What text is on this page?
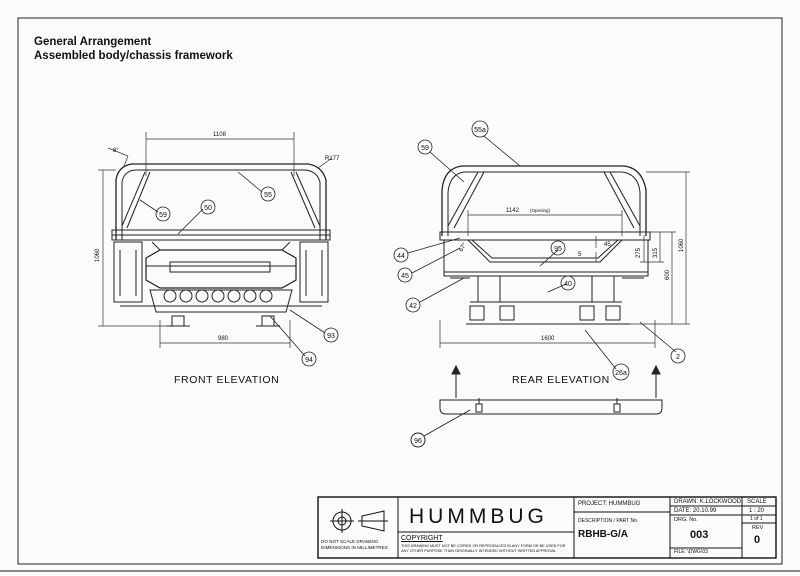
1108
8°
R177
1060
980
59
50
55
93
94
1142 (Opening)
275 315
600
1060
1600
5
45
67°
55a
59
44
45
42
95
40
2
26a
96
General Arrangement
Assembled body/chassis framework
FRONT ELEVATION	REAR ELEVATION
DO NOT SCALE DRAWING DIMENSIONS IN MILLIMETRES
HUMMBUG
COPYRIGHT
THIS DRAWING MUST NOT BE COPIED OR REPRODUCED IN ANY FORM OR BE USED FOR ANY OTHER PURPOSE THAN ORIGINALLY INTENDED WITHOUT WRITTEN APPROVAL
PROJECT: HUMMBUG
DESCRIPTION / PART No.
RBHB-G/A
DRAWN: K.LOCKWOOD
DATE: 20.10.99
DRG. No.
003
FILE: \DWG\03
SCALE
1 : 20
1 of 1
REV
0
